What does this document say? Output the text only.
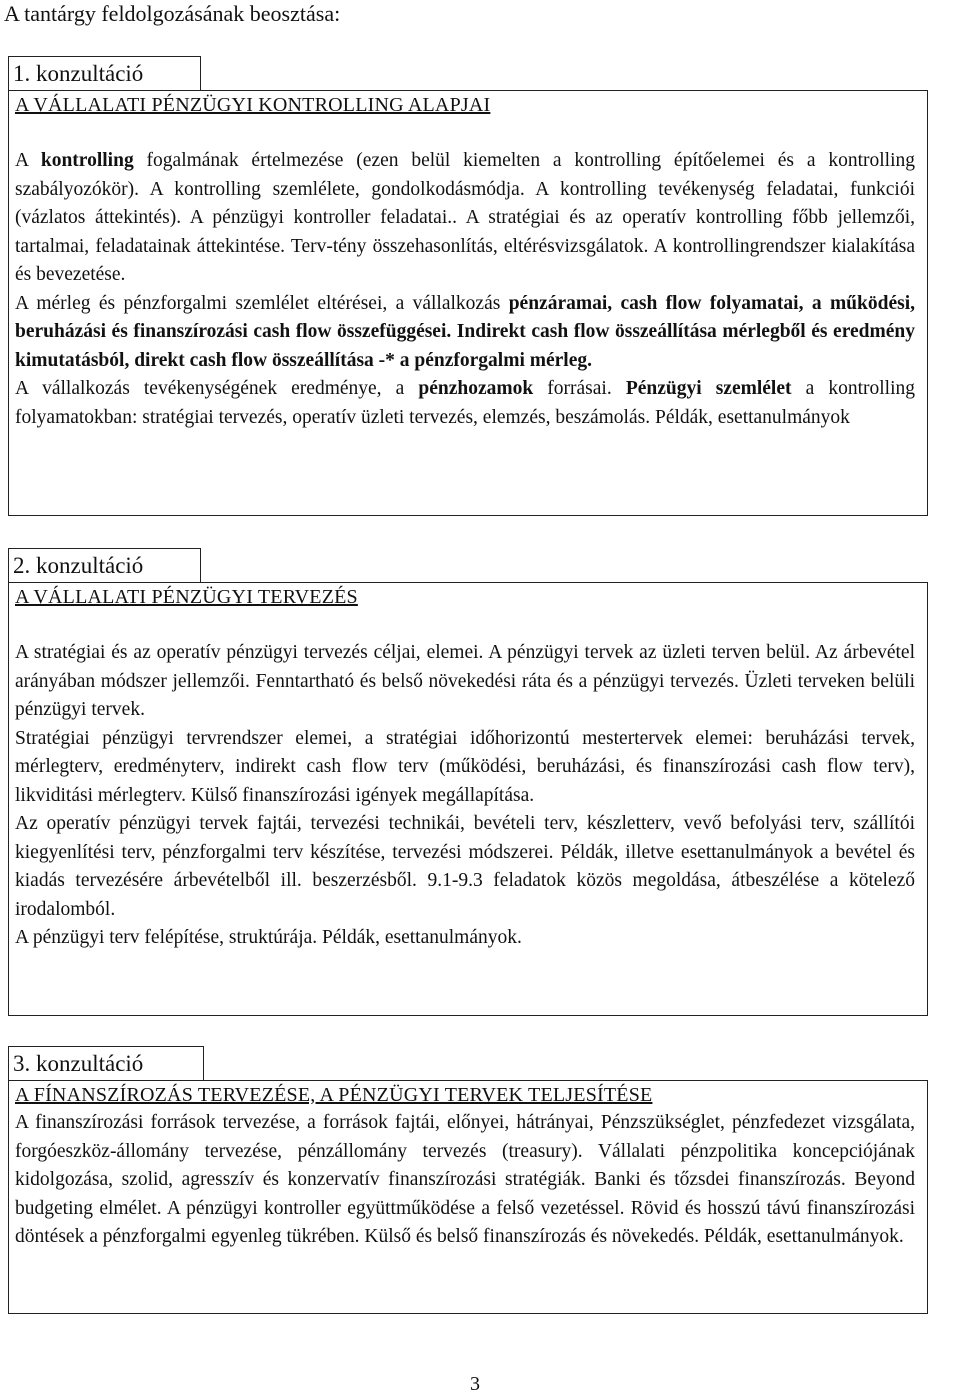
A tantárgy feldolgozásának beosztása:
1. konzultáció
A VÁLLALATI PÉNZÜGYI KONTROLLING ALAPJAI

A kontrolling fogalmának értelmezése (ezen belül kiemelten a kontrolling építőelemei és a kontrolling szabályozókör). A kontrolling szemlélete, gondolkodásmódja. A kontrolling tevékenység feladatai, funkciói (vázlatos áttekintés). A pénzügyi kontroller feladatai.. A stratégiai és az operatív kontrolling főbb jellemzői, tartalmai, feladatainak áttekintése. Terv-tény összehasonlítás, eltérésvizsgálatok. A kontrollingrendszer kialakítása és bevezetése.

A mérleg és pénzforgalmi szemlélet eltérései, a vállalkozás pénzáramai, cash flow folyamatai, a működési, beruházási és finanszírozási cash flow összefüggései. Indirekt cash flow összeállítása mérlegből és eredmény kimutatásból, direkt cash flow összeállítása -* a pénzforgalmi mérleg.

A vállalkozás tevékenységének eredménye, a pénzhozamok forrásai. Pénzügyi szemlélet a kontrolling folyamatokban: stratégiai tervezés, operatív üzleti tervezés, elemzés, beszámolás. Példák, esettanulmányok

2. konzultáció
A VÁLLALATI PÉNZÜGYI TERVEZÉS

A stratégiai és az operatív pénzügyi tervezés céljai, elemei. A pénzügyi tervek az üzleti terven belül. Az árbevétel arányában módszer jellemzői. Fenntartható és belső növekedési ráta és a pénzügyi tervezés. Üzleti terveken belüli pénzügyi tervek.

Stratégiai pénzügyi tervrendszer elemei, a stratégiai időhorizontú mestertervek elemei: beruházási tervek, mérlegterv, eredményterv, indirekt cash flow terv (működési, beruházási, és finanszírozási cash flow terv), likviditási mérlegterv. Külső finanszírozási igények megállapítása.

Az operatív pénzügyi tervek fajtái, tervezési technikái, bevételi terv, készletterv, vevő befolyási terv, szállítói kiegyenlítési terv, pénzforgalmi terv készítése, tervezési módszerei. Példák, illetve esettanulmányok a bevétel és kiadás tervezésére árbevételből ill. beszerzésből. 9.1-9.3 feladatok közös megoldása, átbeszélése a kötelező irodalomból.

A pénzügyi terv felépítése, struktúrája. Példák, esettanulmányok.

3. konzultáció
A FÍNANSZÍROZÁS TERVEZÉSE, A PÉNZÜGYI TERVEK TELJESÍTÉSE

A finanszírozási források tervezése, a források fajtái, előnyei, hátrányai, Pénzszükséglet, pénzfedezet vizsgálata, forgóeszköz-állomány tervezése, pénzállomány tervezés (treasury). Vállalati pénzpolitika koncepciójának kidolgozása, szolid, agresszív és konzervatív finanszírozási stratégiák. Banki és tőzsdei finanszírozás. Beyond budgeting elmélet. A pénzügyi kontroller együttműködése a felső vezetéssel. Rövid és hosszú távú finanszírozási döntések a pénzforgalmi egyenleg tükrében. Külső és belső finanszírozás és növekedés. Példák, esettanulmányok.

3
